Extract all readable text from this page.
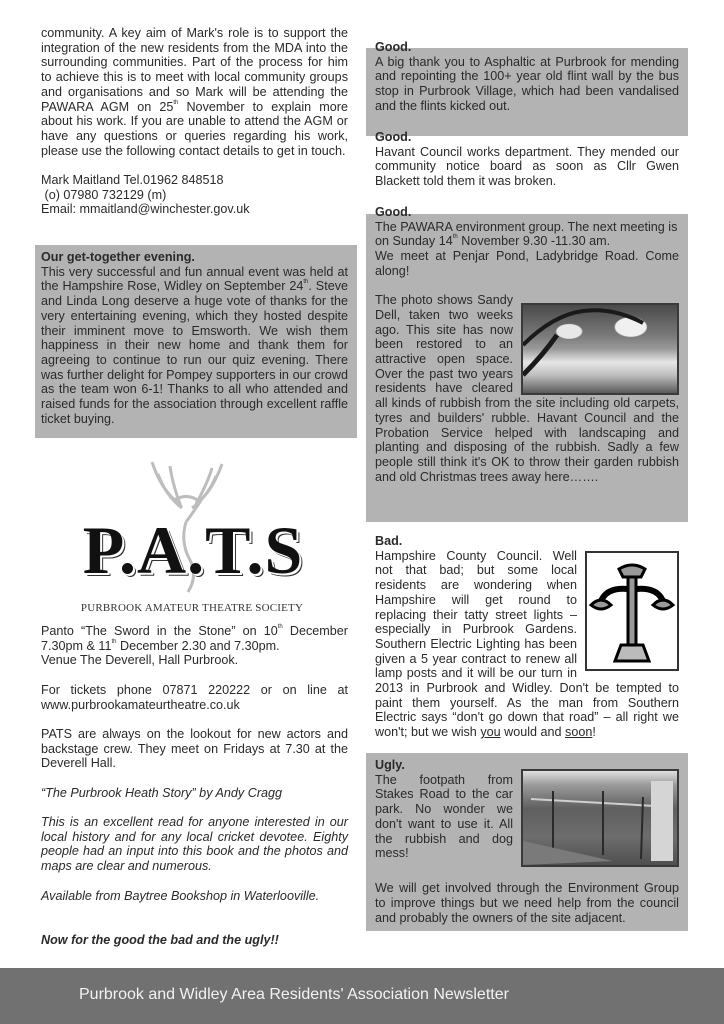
community. A key aim of Mark's role is to support the integration of the new residents from the MDA into the surrounding communities. Part of the process for him to achieve this is to meet with local community groups and organisations and so Mark will be attending the PAWARA AGM on 25th November to explain more about his work. If you are unable to attend the AGM or have any questions or queries regarding his work, please use the following contact details to get in touch.

Mark Maitland Tel.01962 848518

(o) 07980 732129 (m)

Email: mmaitland@winchester.gov.uk

Our get-together evening.

This very successful and fun annual event was held at the Hampshire Rose, Widley on September 24th. Steve and Linda Long deserve a huge vote of thanks for the very entertaining evening, which they hosted despite their imminent move to Emsworth. We wish them happiness in their new home and thank them for agreeing to continue to run our quiz evening. There was further delight for Pompey supporters in our crowd as the team won 6-1! Thanks to all who attended and raised funds for the association through excellent raffle ticket buying.

P.A.T.S
PURBROOK AMATEUR THEATRE SOCIETY

Panto “The Sword in the Stone” on 10th December 7.30pm & 11th December 2.30 and 7.30pm.

Venue The Deverell, Hall Purbrook.

For tickets phone 07871 220222 or on line at www.purbrookamateurtheatre.co.uk

PATS are always on the lookout for new actors and backstage crew. They meet on Fridays at 7.30 at the Deverell Hall.

“The Purbrook Heath Story” by Andy Cragg

This is an excellent read for anyone interested in our local history and for any local cricket devotee. Eighty people had an input into this book and the photos and maps are clear and numerous.

Available from Baytree Bookshop in Waterlooville.

Now for the good the bad and the ugly!!

Good.

A big thank you to Asphaltic at Purbrook for mending and repointing the 100+ year old flint wall by the bus stop in Purbrook Village, which had been vandalised and the flints kicked out.

Good.

Havant Council works department. They mended our community notice board as soon as Cllr Gwen Blackett told them it was broken.

Good.

The PAWARA environment group. The next meeting is on Sunday 14th November 9.30 -11.30 am.

We meet at Penjar Pond, Ladybridge Road. Come along!

The photo shows Sandy Dell, taken two weeks ago. This site has now been restored to an attractive open space. Over the past two years residents have cleared all kinds of rubbish from the site including old carpets, tyres and builders' rubble. Havant Council and the Probation Service helped with landscaping and planting and disposing of the rubbish. Sadly a few people still think it's OK to throw their garden rubbish and old Christmas trees away here…….

Bad.

Hampshire County Council. Well not that bad; but some local residents are wondering when Hampshire will get round to replacing their tatty street lights – especially in Purbrook Gardens. Southern Electric Lighting has been given a 5 year contract to renew all lamp posts and it will be our turn in 2013 in Purbrook and Widley. Don't be tempted to paint them yourself. As the man from Southern Electric says “don't go down that road” – all right we won't; but we wish you would and soon!

Ugly.

The footpath from Stakes Road to the car park. No wonder we don't want to use it. All the rubbish and dog mess!

We will get involved through the Environment Group to improve things but we need help from the council and probably the owners of the site adjacent.

Purbrook and Widley Area Residents' Association Newsletter
